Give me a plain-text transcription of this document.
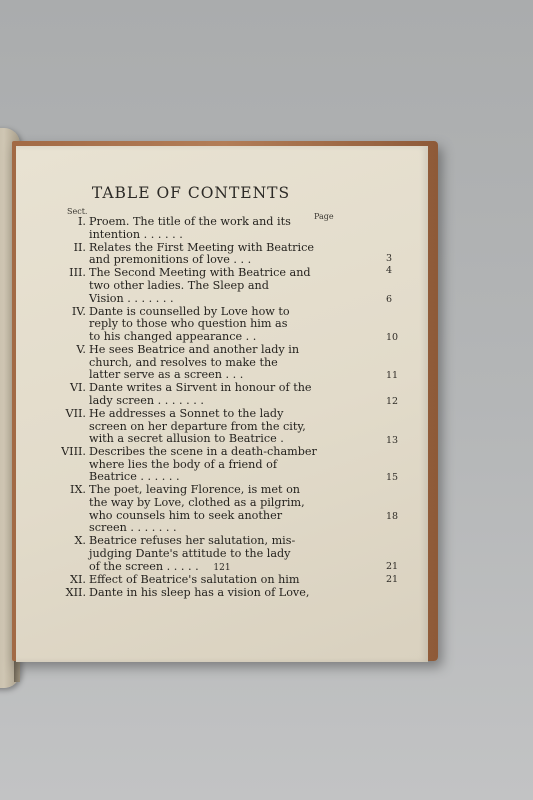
TABLE OF CONTENTS
Sect.
Page
I. Proem. The title of the work and its
intention . . . . . .
II. Relates the First Meeting with Beatrice
and premonitions of love . . .	3
III. The Second Meeting with Beatrice and
two other ladies. The Sleep and
Vision . . . . . . .
4
IV. Dante is counselled by Love how to
reply to those who question him as
to his changed appearance . .
6
V. He sees Beatrice and another lady in
church, and resolves to make the
latter serve as a screen . . .
10
VI. Dante writes a Sirvent in honour of the
lady screen . . . . . . .
11
VII. He addresses a Sonnet to the lady
screen on her departure from the city,
with a secret allusion to Beatrice .
12
VIII. Describes the scene in a death-chamber
where lies the body of a friend of
Beatrice . . . . . .
13
IX. The poet, leaving Florence, is met on
the way by Love, clothed as a pilgrim,
who counsels him to seek another
screen . . . . . . .
15
X. Beatrice refuses her salutation, mis-
judging Dante's attitude to the lady
of the screen . . . . .
18
XI. Effect of Beatrice's salutation on him
21
XII. Dante in his sleep has a vision of Love,
21
121
